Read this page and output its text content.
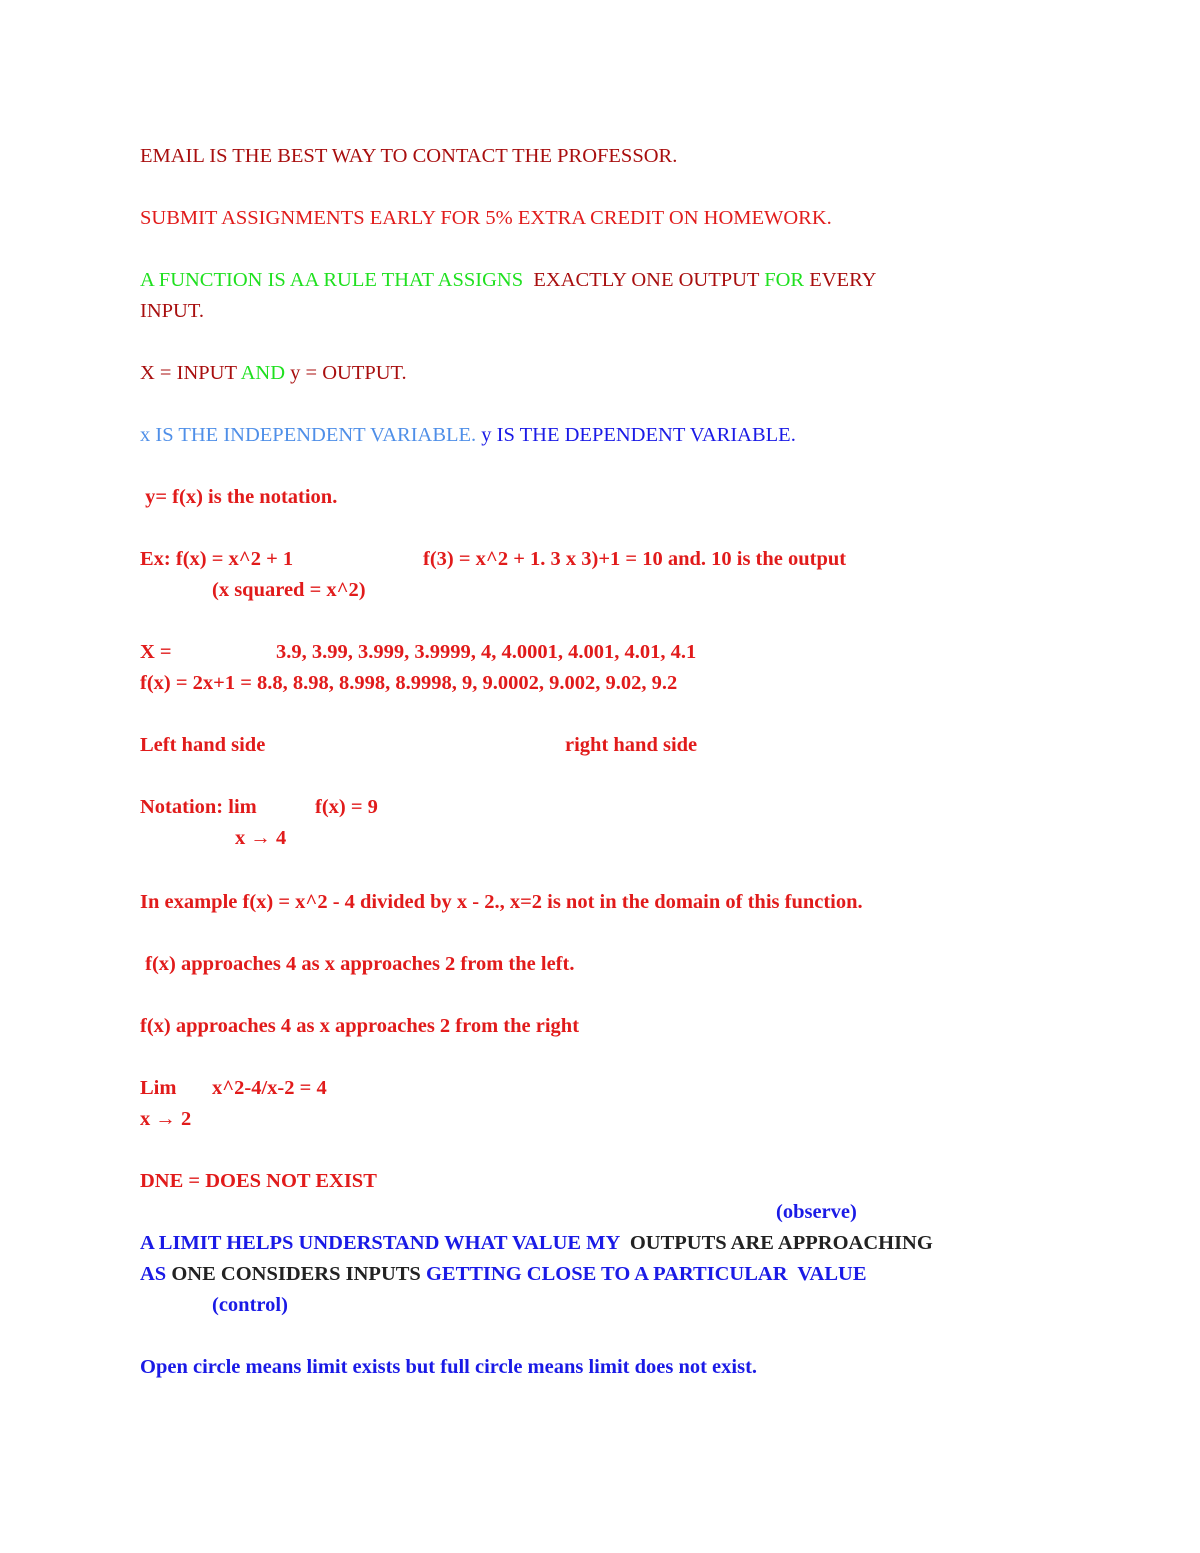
EMAIL IS THE BEST WAY TO CONTACT THE PROFESSOR.
SUBMIT ASSIGNMENTS EARLY FOR 5% EXTRA CREDIT ON HOMEWORK.
A FUNCTION IS AA RULE THAT ASSIGNS  EXACTLY ONE OUTPUT FOR EVERY
INPUT.
X = INPUT AND y = OUTPUT.
x IS THE INDEPENDENT VARIABLE. y IS THE DEPENDENT VARIABLE.
y= f(x) is the notation.
Ex: f(x) = x^2 + 1	f(3) = x^2 + 1. 3 x 3)+1 = 10 and. 10 is the output
(x squared = x^2)
X =	3.9, 3.99, 3.999, 3.9999, 4, 4.0001, 4.001, 4.01, 4.1
f(x) = 2x+1 = 8.8, 8.98, 8.998, 8.9998, 9, 9.0002, 9.002, 9.02, 9.2
Left hand side	right hand side
Notation: lim	f(x) = 9
x → 4
In example f(x) = x^2 - 4 divided by x - 2., x=2 is not in the domain of this function.
f(x) approaches 4 as x approaches 2 from the left.
f(x) approaches 4 as x approaches 2 from the right
Lim x^2-4/x-2 = 4
x → 2
DNE = DOES NOT EXIST
(observe)
A LIMIT HELPS UNDERSTAND WHAT VALUE MY  OUTPUTS ARE APPROACHING
AS ONE CONSIDERS INPUTS GETTING CLOSE TO A PARTICULAR  VALUE
(control)
Open circle means limit exists but full circle means limit does not exist.
